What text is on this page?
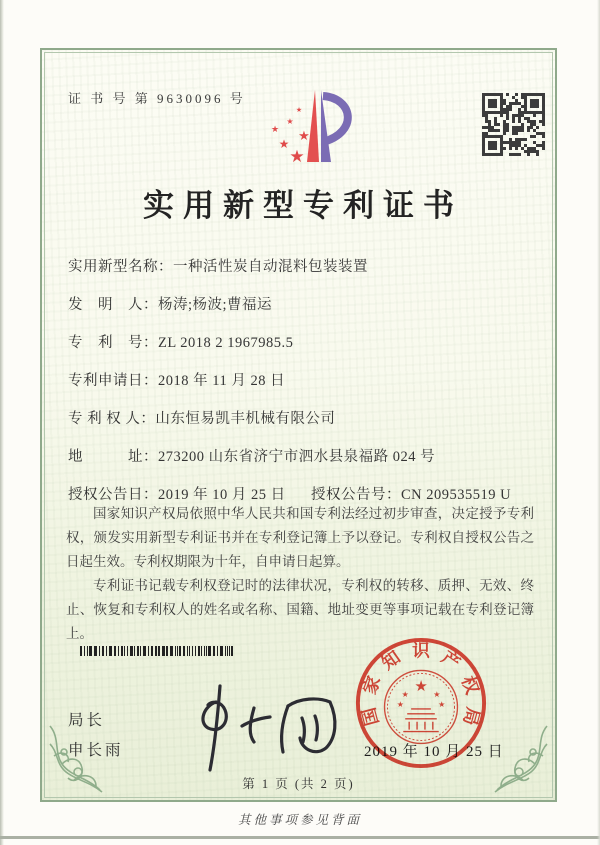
证 书 号 第 9630096 号
★
★
★
★
★
★
实用新型专利证书
实用新型名称：一种活性炭自动混料包装装置
发　明　人：杨涛;杨波;曹福运
专　利　号：ZL 2018 2 1967985.5
专利申请日：2018 年 11 月 28 日
专 利 权 人：山东恒易凯丰机械有限公司
地　　　址：273200 山东省济宁市泗水县泉福路 024 号
授权公告日：2019 年 10 月 25 日	授权公告号：CN 209535519 U

国家知识产权局依照中华人民共和国专利法经过初步审查，决定授予专利权，颁发实用新型专利证书并在专利登记簿上予以登记。专利权自授权公告之日起生效。专利权期限为十年，自申请日起算。

专利证书记载专利权登记时的法律状况，专利权的转移、质押、无效、终止、恢复和专利权人的姓名或名称、国籍、地址变更等事项记载在专利登记簿上。

局长
申长雨	2019 年 10 月 25 日
国
家
知 识 产
权
局
★
★	★
★	★
第 1 页 (共 2 页)
其他事项参见背面
